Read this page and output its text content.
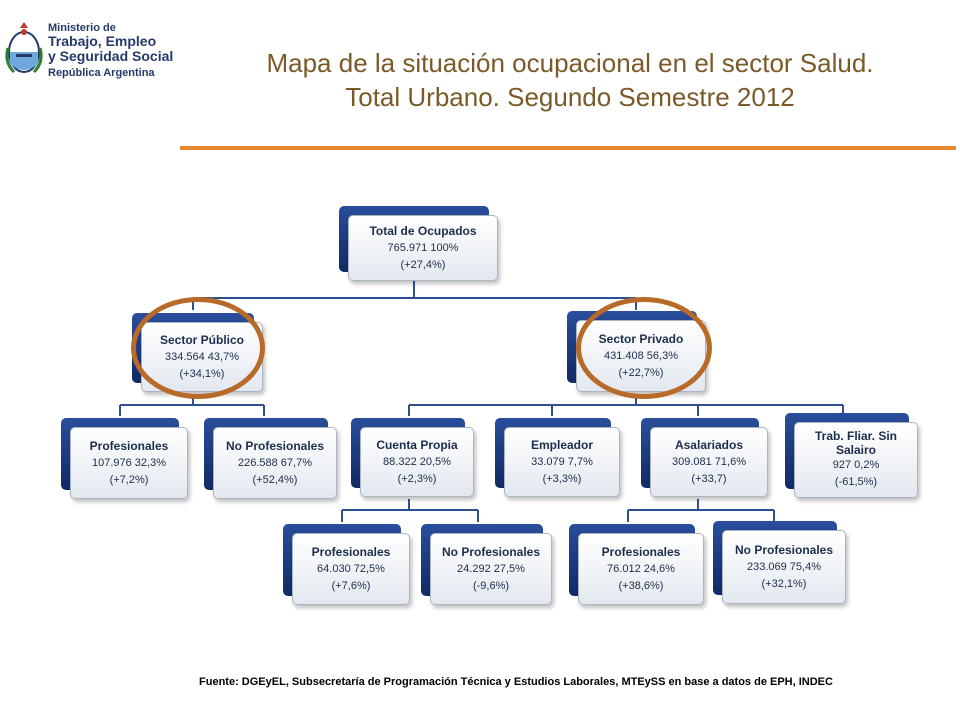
Ministerio de
Trabajo, Empleo
y Seguridad Social
República Argentina	Mapa de la situación ocupacional en el sector Salud.
Total Urbano. Segundo Semestre 2012
Total de Ocupados
765.971 100%
(+27,4%)
Sector Público
334.564 43,7%
(+34,1%)
Sector Privado
431.408 56,3%
(+22,7%)
Profesionales
107.976 32,3%
(+7,2%)
No Profesionales
226.588 67,7%
(+52,4%)
Cuenta Propia
88.322 20,5%
(+2,3%)
Empleador
33.079 7,7%
(+3,3%)
Asalariados
309.081 71,6%
(+33,7)
Trab. Fliar. Sin Salairo
927 0,2%
(-61,5%)
Profesionales
64.030 72,5%
(+7,6%)
No Profesionales
24.292 27,5%
(-9,6%)
Profesionales
76.012 24,6%
(+38,6%)
No Profesionales
233.069 75,4%
(+32,1%)
Fuente: DGEyEL, Subsecretaría de Programación Técnica y Estudios Laborales, MTEySS en base a datos de EPH, INDEC
